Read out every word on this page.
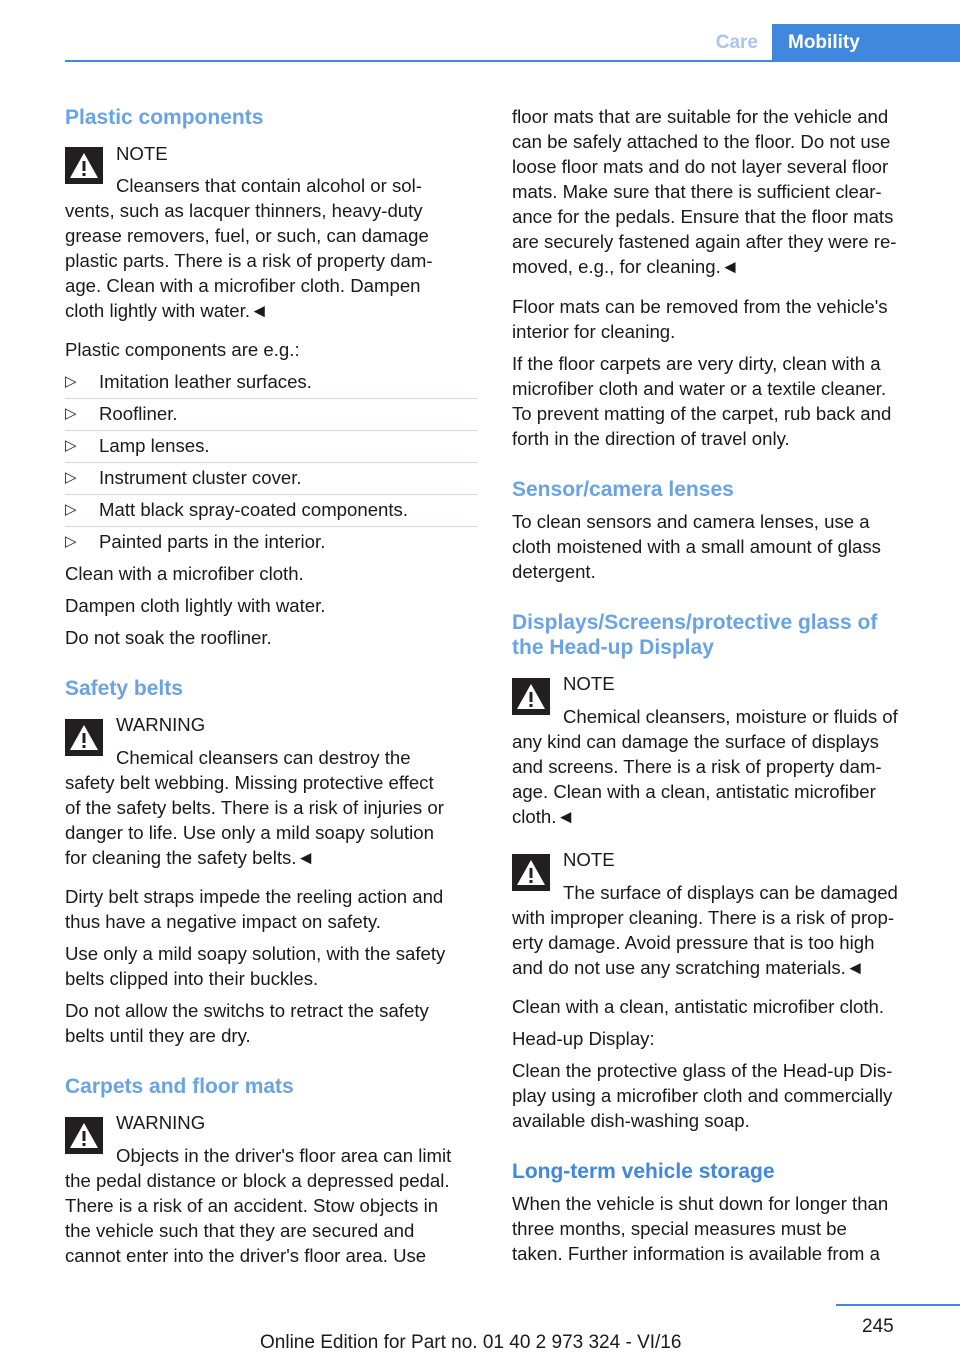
Care	Mobility
Plastic components

NOTE

Cleansers that contain alcohol or sol-

vents, such as lacquer thinners, heavy-duty

grease removers, fuel, or such, can damage

plastic parts. There is a risk of property dam-

age. Clean with a microfiber cloth. Dampen

cloth lightly with water.◄

Plastic components are e.g.:

▷ Imitation leather surfaces.

▷ Roofliner.

▷ Lamp lenses.

▷ Instrument cluster cover.

▷ Matt black spray-coated components.

▷ Painted parts in the interior.

Clean with a microfiber cloth.

Dampen cloth lightly with water.

Do not soak the roofliner.

Safety belts

WARNING

Chemical cleansers can destroy the

safety belt webbing. Missing protective effect

of the safety belts. There is a risk of injuries or

danger to life. Use only a mild soapy solution

for cleaning the safety belts.◄

Dirty belt straps impede the reeling action and

thus have a negative impact on safety.

Use only a mild soapy solution, with the safety

belts clipped into their buckles.

Do not allow the switchs to retract the safety

belts until they are dry.

Carpets and floor mats

WARNING

Objects in the driver's floor area can limit

the pedal distance or block a depressed pedal.

There is a risk of an accident. Stow objects in

the vehicle such that they are secured and

cannot enter into the driver's floor area. Use

floor mats that are suitable for the vehicle and

can be safely attached to the floor. Do not use

loose floor mats and do not layer several floor

mats. Make sure that there is sufficient clear-

ance for the pedals. Ensure that the floor mats

are securely fastened again after they were re-

moved, e.g., for cleaning.◄

Floor mats can be removed from the vehicle's

interior for cleaning.

If the floor carpets are very dirty, clean with a

microfiber cloth and water or a textile cleaner.

To prevent matting of the carpet, rub back and

forth in the direction of travel only.

Sensor/camera lenses

To clean sensors and camera lenses, use a

cloth moistened with a small amount of glass

detergent.

Displays/Screens/protective glass of
the Head-up Display

NOTE

Chemical cleansers, moisture or fluids of

any kind can damage the surface of displays

and screens. There is a risk of property dam-

age. Clean with a clean, antistatic microfiber

cloth.◄

NOTE

The surface of displays can be damaged

with improper cleaning. There is a risk of prop-

erty damage. Avoid pressure that is too high

and do not use any scratching materials.◄

Clean with a clean, antistatic microfiber cloth.

Head-up Display:

Clean the protective glass of the Head-up Dis-

play using a microfiber cloth and commercially

available dish-washing soap.

Long-term vehicle storage

When the vehicle is shut down for longer than

three months, special measures must be

taken. Further information is available from a

245
Online Edition for Part no. 01 40 2 973 324 - VI/16
